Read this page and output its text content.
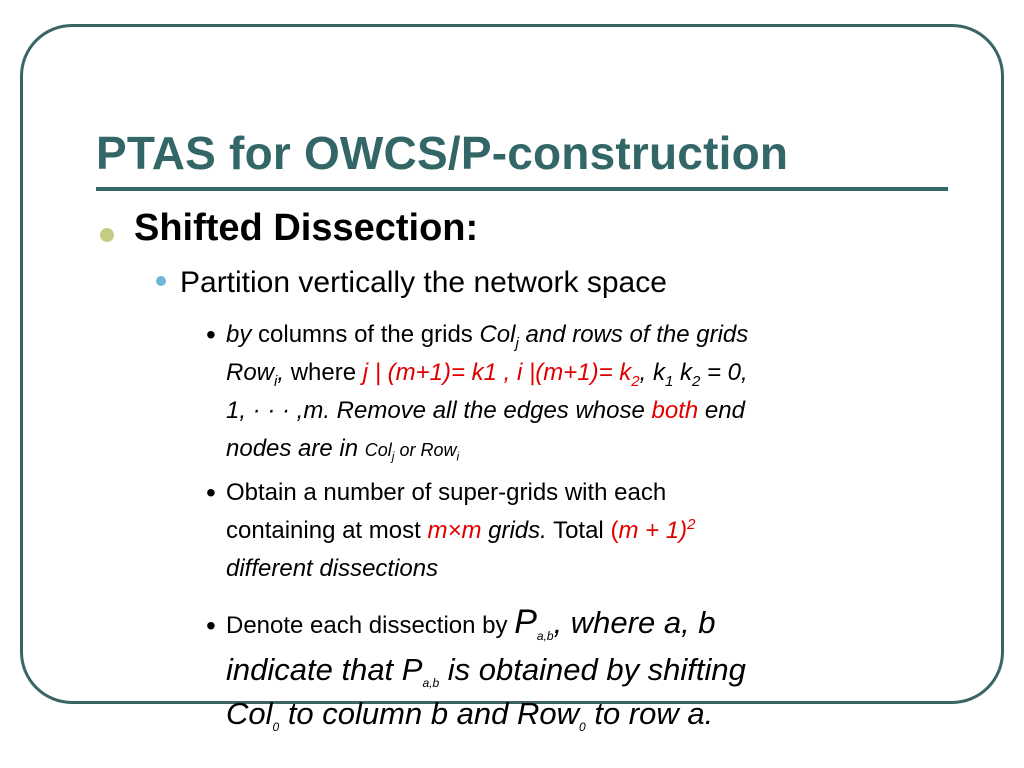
PTAS for OWCS/P-construction
Shifted Dissection:
Partition vertically the network space
• by columns of the grids Col$_j$ and rows of the grids
Row$_i$, where j | (m+1)= k1 , i $|(m+1)= k_2$, $k_1$ $k_2 = 0$,
1, · · · ,m. Remove all the edges whose both end
nodes are in Col$_j$ or Row$_i$

• Obtain a number of super-grids with each
containing at most m×m grids. Total $(m + 1)^2$
different dissections

• Denote each dissection by $P_{a,b}$, where a, b
indicate that $P_{a,b}$ is obtained by shifting
Col$_0$ to column b and Row$_0$ to row a.
